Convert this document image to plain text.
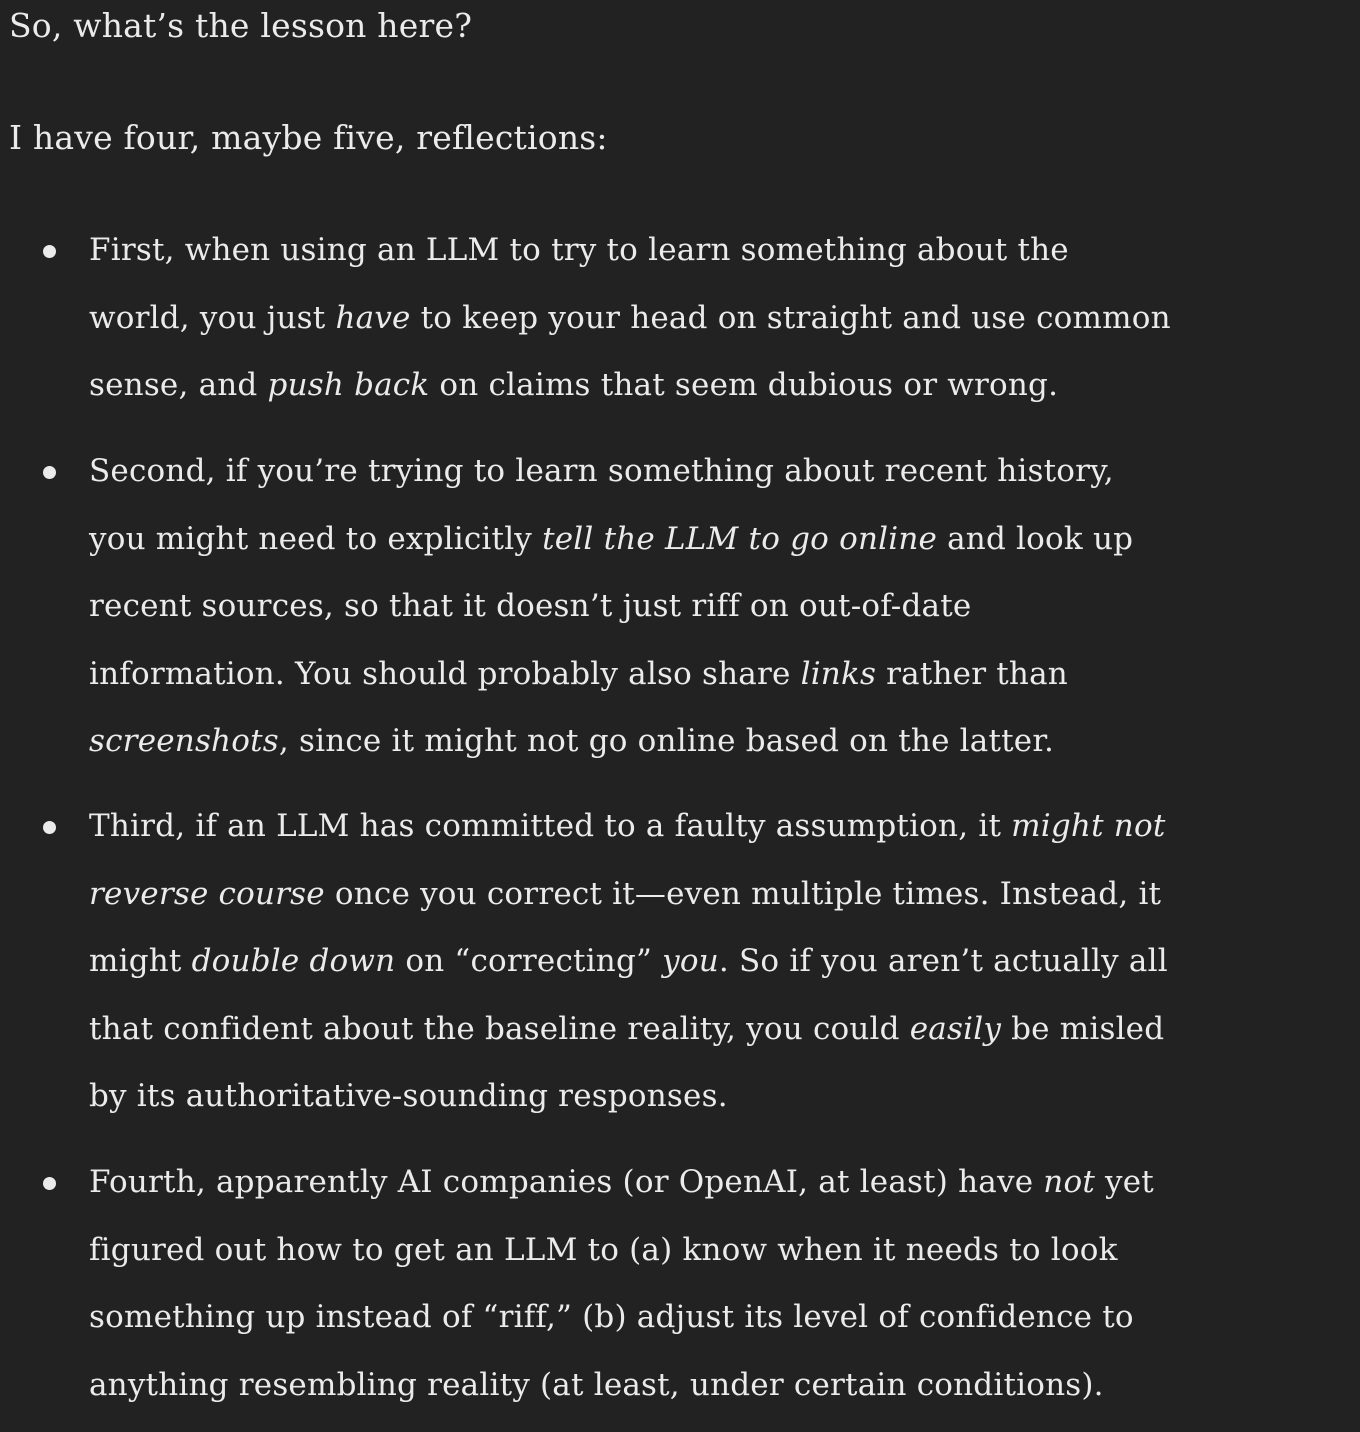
So, what’s the lesson here?

I have four, maybe five, reflections:

First, when using an LLM to try to learn something about the

world, you just have to keep your head on straight and use common

sense, and push back on claims that seem dubious or wrong.

Second, if you’re trying to learn something about recent history,

you might need to explicitly tell the LLM to go online and look up

recent sources, so that it doesn’t just riff on out-of-date

information. You should probably also share links rather than

screenshots, since it might not go online based on the latter.

Third, if an LLM has committed to a faulty assumption, it might not

reverse course once you correct it—even multiple times. Instead, it

might double down on “correcting” you. So if you aren’t actually all

that confident about the baseline reality, you could easily be misled

by its authoritative-sounding responses.

Fourth, apparently AI companies (or OpenAI, at least) have not yet

figured out how to get an LLM to (a) know when it needs to look

something up instead of “riff,” (b) adjust its level of confidence to

anything resembling reality (at least, under certain conditions).
